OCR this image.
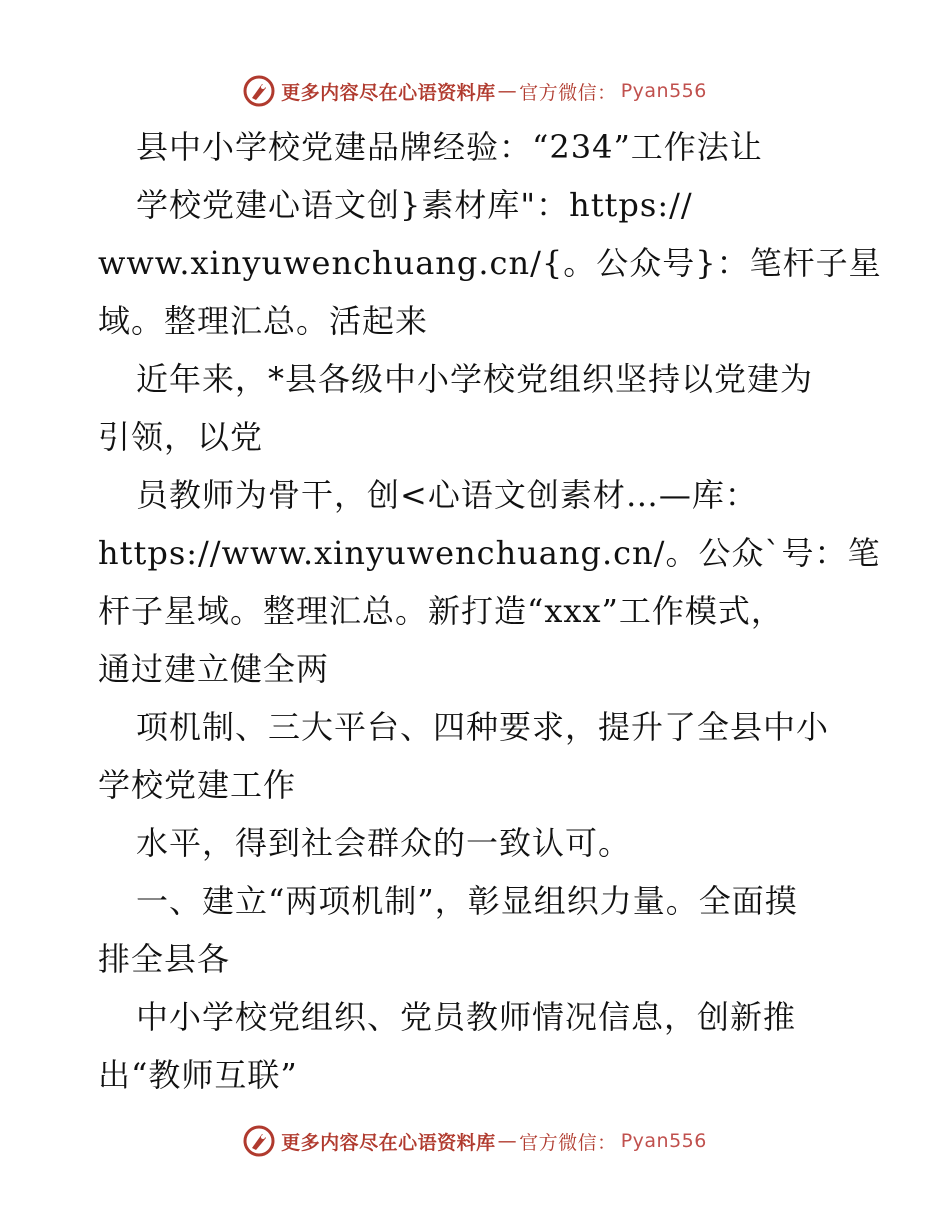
更多内容尽在心语资料库 — 官方微信： Pyan556
县中小学校党建品牌经验：“234”工作法让
学校党建心语文创}素材库"：https://
www.xinyuwenchuang.cn/{。公众号}：笔杆子星
域。整理汇总。活起来
近年来，*县各级中小学校党组织坚持以党建为
引领，以党
员教师为骨干，创<心语文创素材…—库：
https://www.xinyuwenchuang.cn/。公众`号：笔
杆子星域。整理汇总。新打造“xxx”工作模式，
通过建立健全两
项机制、三大平台、四种要求，提升了全县中小
学校党建工作
水平，得到社会群众的一致认可。
一、建立“两项机制”，彰显组织力量。全面摸
排全县各
中小学校党组织、党员教师情况信息，创新推
出“教师互联”
更多内容尽在心语资料库 — 官方微信： Pyan556
